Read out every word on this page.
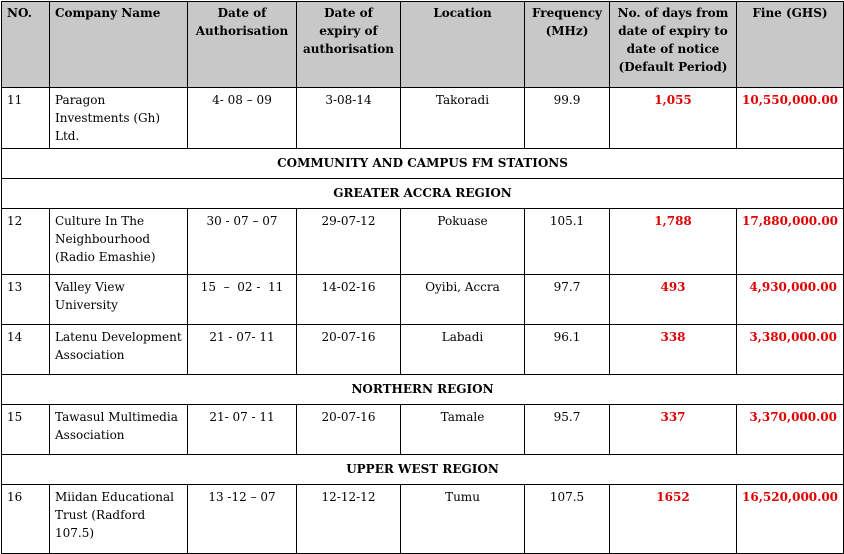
NO.	Company Name	Date of Authorisation	Date of expiry of authorisation	Location	Frequency (MHz)	No. of days from date of expiry to date of notice (Default Period)	Fine (GHS)
11	Paragon Investments (Gh) Ltd.	4- 08 – 09	3-08-14	Takoradi	99.9	1,055	10,550,000.00
COMMUNITY AND CAMPUS FM STATIONS							
GREATER ACCRA REGION							
12	Culture In The Neighbourhood (Radio Emashie)	30 - 07 – 07	29-07-12	Pokuase	105.1	1,788	17,880,000.00
13	Valley View University	15  –  02 -  11	14-02-16	Oyibi, Accra	97.7	493	4,930,000.00
14	Latenu Development Association	21 - 07- 11	20-07-16	Labadi	96.1	338	3,380,000.00
NORTHERN REGION							
15	Tawasul Multimedia Association	21- 07 - 11	20-07-16	Tamale	95.7	337	3,370,000.00
UPPER WEST REGION							
16	Miidan Educational Trust (Radford 107.5)	13 -12 – 07	12-12-12	Tumu	107.5	1652	16,520,000.00
